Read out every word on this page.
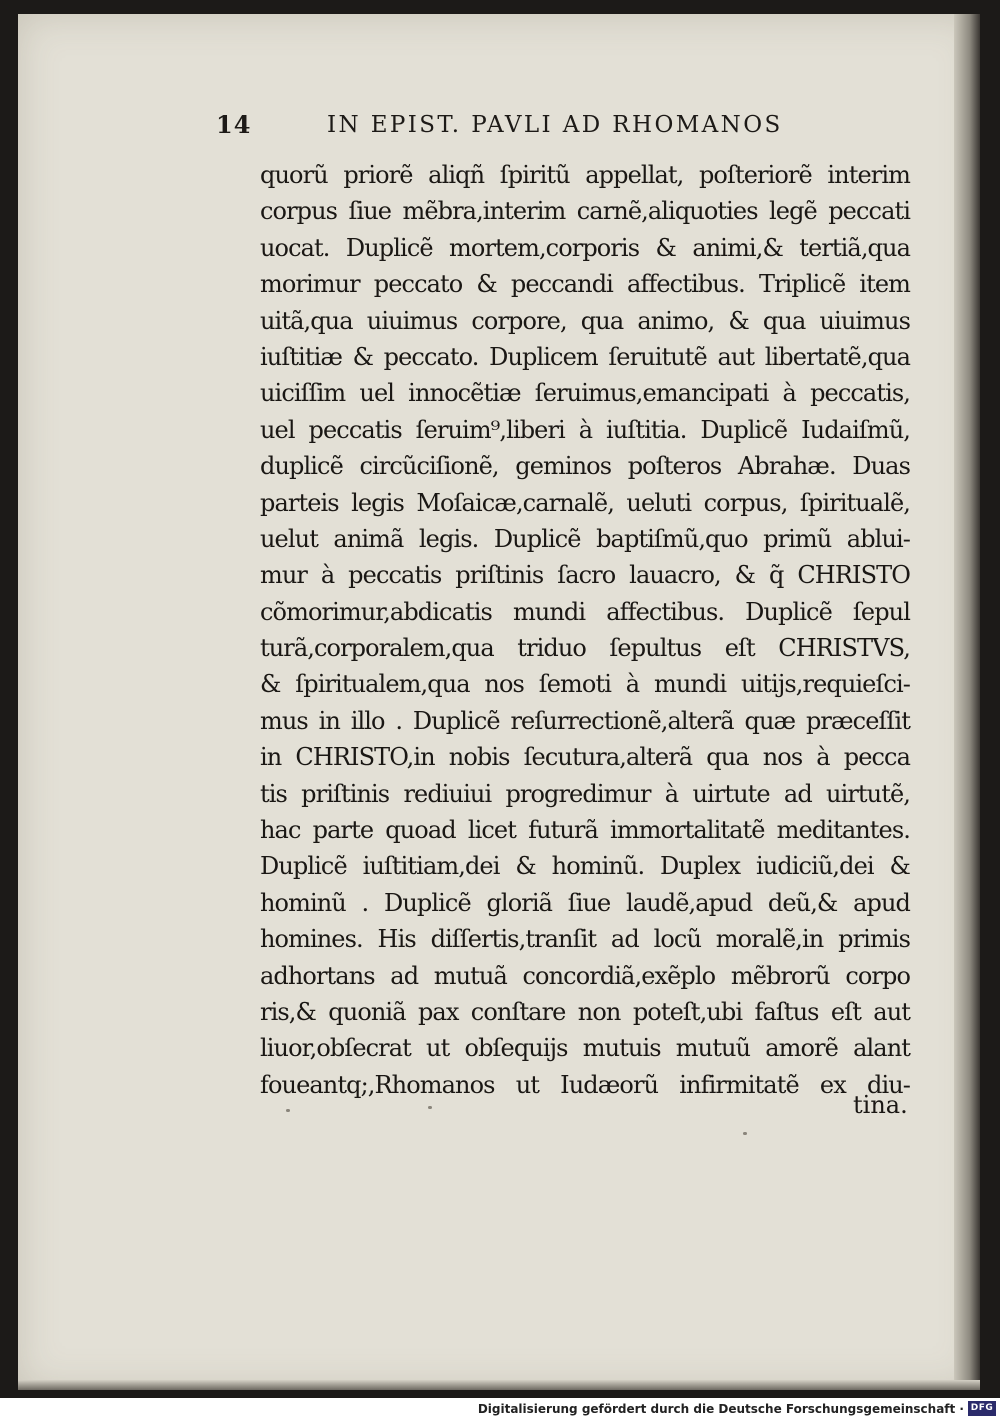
14	IN EPIST. PAVLI AD RHOMANOS
quorũ priorẽ aliqñ ſpiritũ appellat, poſteriorẽ interim
corpus ſiue mẽbra,interim carnẽ,aliquoties legẽ peccati
uocat. Duplicẽ mortem,corporis & animi,& tertiã,qua
morimur peccato & peccandi affectibus. Triplicẽ item
uitã,qua uiuimus corpore, qua animo, & qua uiuimus
iuſtitiæ & peccato. Duplicem ſeruitutẽ aut libertatẽ,qua
uiciſſim uel innocẽtiæ ſeruimus,emancipati à peccatis,
uel peccatis ſeruim⁹,liberi à iuſtitia. Duplicẽ Iudaiſmũ,
duplicẽ circũciſionẽ, geminos poſteros Abrahæ. Duas
parteis legis Moſaicæ,carnalẽ, ueluti corpus, ſpiritualẽ,
uelut animã legis. Duplicẽ baptiſmũ,quo primũ ablui-
mur à peccatis priſtinis ſacro lauacro, & q̃ CHRISTO
cõmorimur,abdicatis mundi affectibus. Duplicẽ ſepul
turã,corporalem,qua triduo ſepultus eſt CHRISTVS,
& ſpiritualem,qua nos ſemoti à mundi uitijs,requieſci-
mus in illo . Duplicẽ reſurrectionẽ,alterã quæ præceſſit
in CHRISTO,in nobis ſecutura,alterã qua nos à pecca
tis priſtinis rediuiui progredimur à uirtute ad uirtutẽ,
hac parte quoad licet futurã immortalitatẽ meditantes.
Duplicẽ iuſtitiam,dei & hominũ. Duplex iudiciũ,dei &
hominũ . Duplicẽ gloriã ſiue laudẽ,apud deũ,& apud
homines. His diſſertis,tranſit ad locũ moralẽ,in primis
adhortans ad mutuã concordiã,exẽplo mẽbrorũ corpo
ris,& quoniã pax conſtare non poteſt,ubi faſtus eſt aut
liuor,obſecrat ut obſequijs mutuis mutuũ amorẽ alant
foueantq;,Rhomanos ut Iudæorũ infirmitatẽ ex diu-
tina.
Digitalisierung gefördert durch die Deutsche Forschungsgemeinschaft · DFG
